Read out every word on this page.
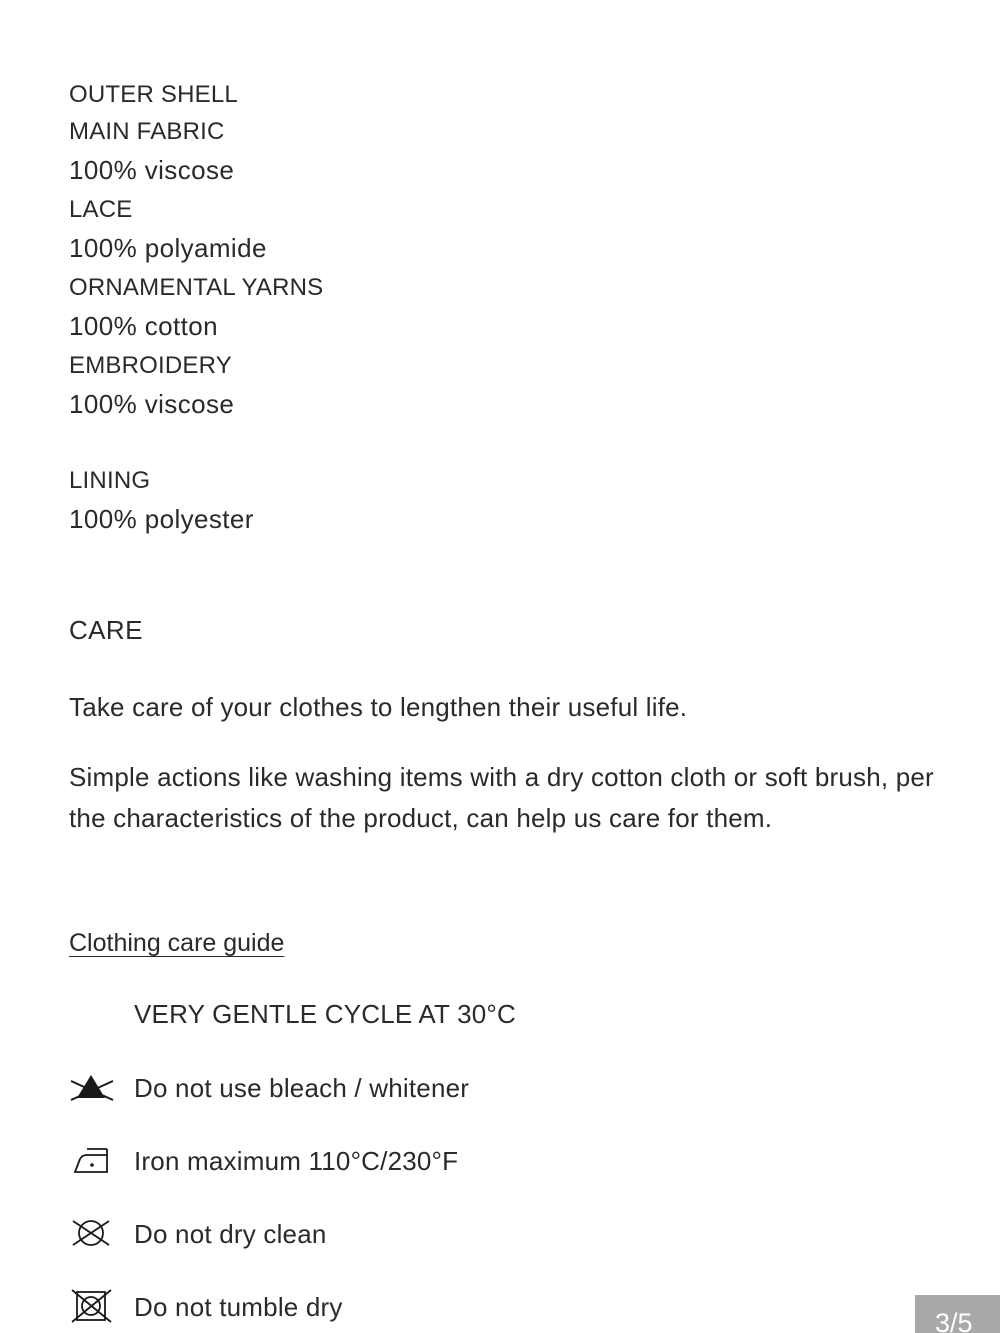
OUTER SHELL
MAIN FABRIC
100% viscose
LACE
100% polyamide
ORNAMENTAL YARNS
100% cotton
EMBROIDERY
100% viscose
LINING
100% polyester
CARE
Take care of your clothes to lengthen their useful life.
Simple actions like washing items with a dry cotton cloth or soft brush, per the characteristics of the product, can help us care for them.
Clothing care guide
VERY GENTLE CYCLE AT 30°C
Do not use bleach / whitener
Iron maximum 110°C/230°F
Do not dry clean
Do not tumble dry
3/5
